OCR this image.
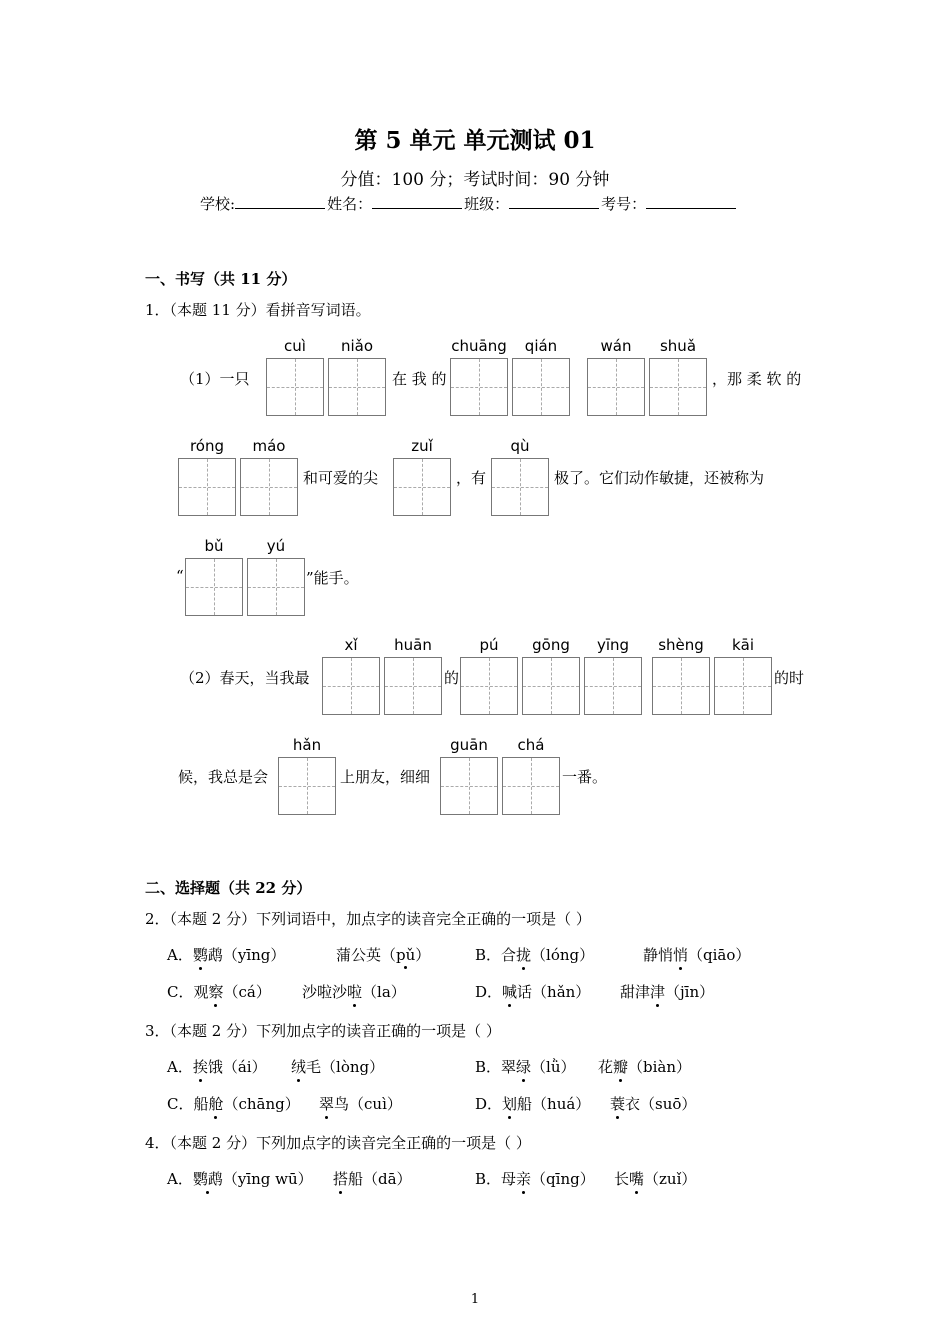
第 5 单元 单元测试 01
分值：100 分；考试时间：90 分钟
学校:	姓名：	班级：	考号：
一、书写（共 11 分）
1．（本题 11 分）看拼音写词语。
cuì	niǎo	chuāng	qián	wán	shuǎ
（1）一只	在 我 的	，那 柔 软 的
róng	máo	zuǐ	qù
和可爱的尖	，有	极了。它们动作敏捷，还被称为
bǔ	yú
“	”能手。
xǐ	huān	pú	gōng	yīng	shèng	kāi
（2）春天，当我最	的	的时
hǎn	guān	chá
候，我总是会	上朋友，细细	一番。
二、选择题（共 22 分）
2．（本题 2 分）下列词语中，加点字的读音完全正确的一项是（ ）
A．鹦鹉（yīng）	蒲公英（pǔ）	B．合拢（lóng）	静悄悄（qiāo）
C．观察（cá） 沙啦沙啦（la）	D．喊话（hǎn） 甜津津（jīn）
3．（本题 2 分）下列加点字的读音正确的一项是（ ）
A．挨饿（ái） 绒毛（lòng）	B．翠绿（lǜ） 花瓣（biàn）
C．船舱（chāng） 翠鸟（cuì）	D．划船（huá） 蓑衣（suō）
4．（本题 2 分）下列加点字的读音完全正确的一项是（ ）
A．鹦鹉（yīng wū） 搭船（dā）	B．母亲（qīng） 长嘴（zuǐ）
1
